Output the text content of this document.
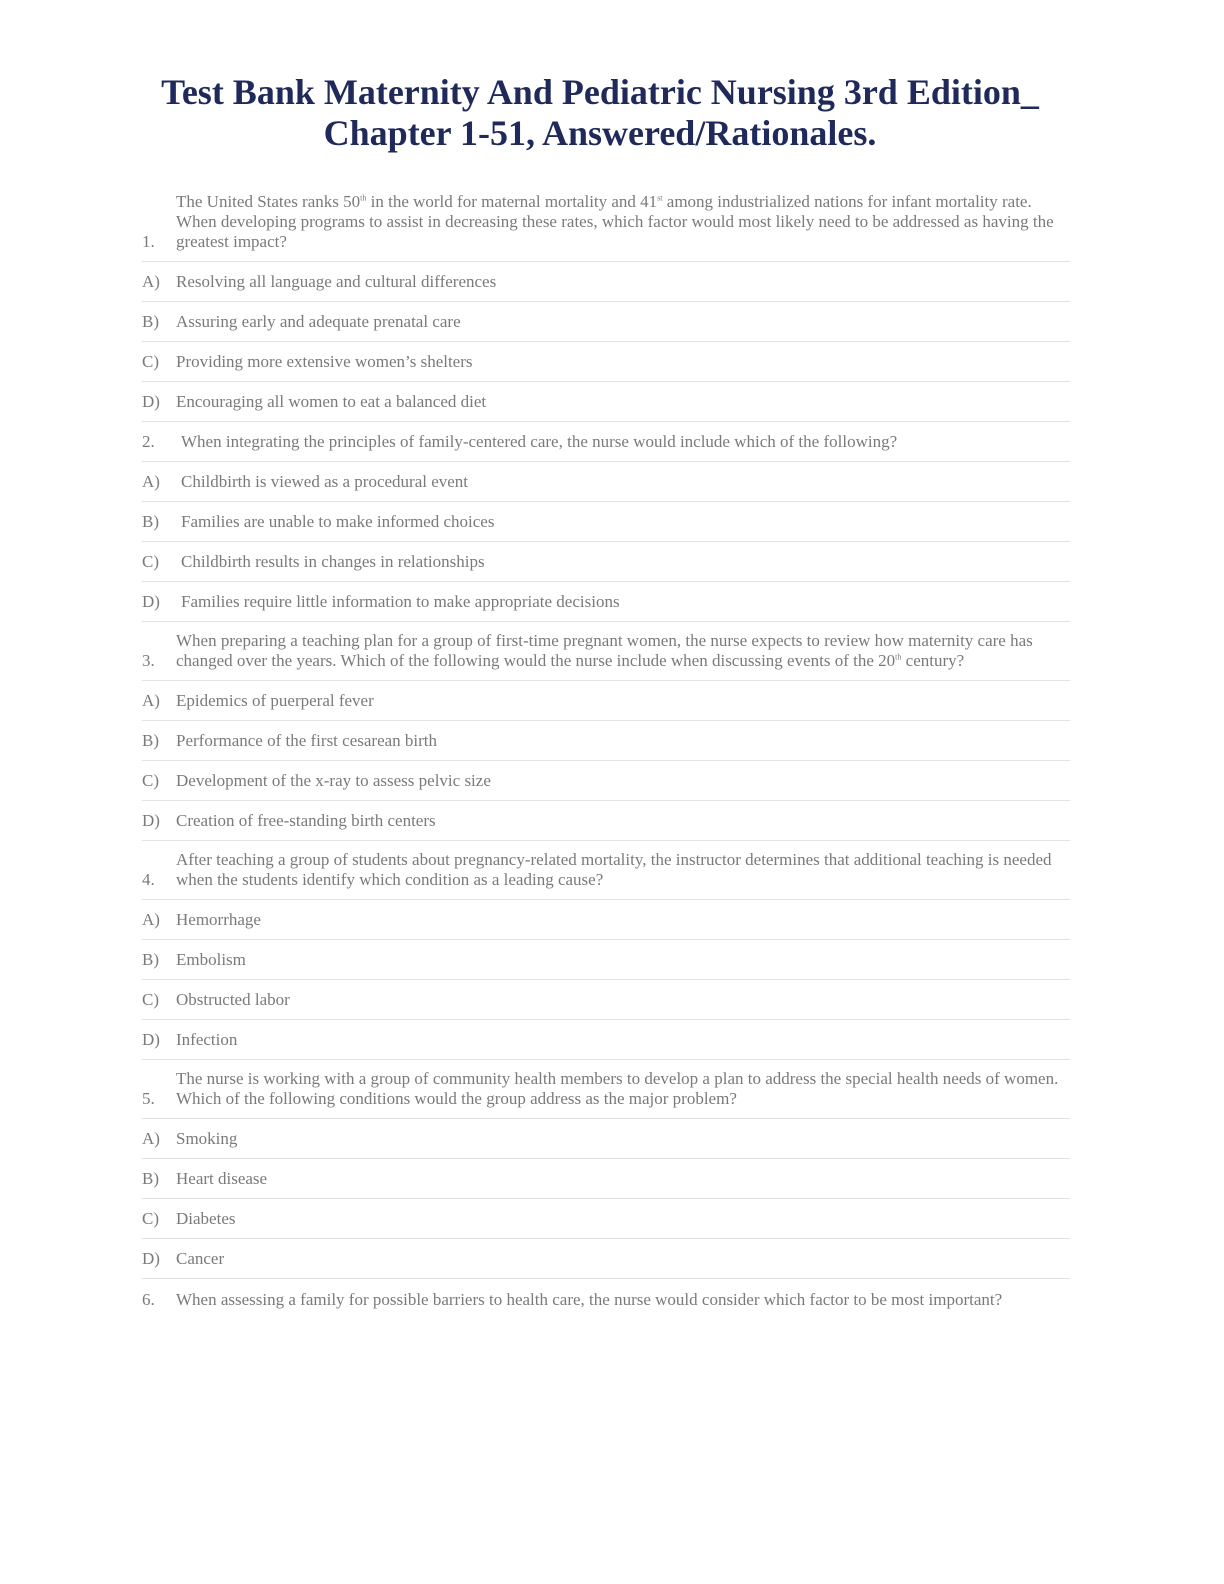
Test Bank Maternity And Pediatric Nursing 3rd Edition_
Chapter 1-51, Answered/Rationales.
1.
The United States ranks 50th in the world for maternal mortality and 41st among industrialized nations for infant mortality rate. When developing programs to assist in decreasing these rates, which factor would most likely need to be addressed as having the greatest impact?
A) Resolving all language and cultural differences
B)	Assuring early and adequate prenatal care
C)	Providing more extensive women’s shelters
D) Encouraging all women to eat a balanced diet
2.	When integrating the principles of family-centered care, the nurse would include which of the following?
A)	Childbirth is viewed as a procedural event
B)	Families are unable to make informed choices
C)	Childbirth results in changes in relationships
D)	Families require little information to make appropriate decisions
3.
When preparing a teaching plan for a group of first-time pregnant women, the nurse expects to review how maternity care has changed over the years. Which of the following would the nurse include when discussing events of the 20th century?
A) Epidemics of puerperal fever
B)	Performance of the first cesarean birth
C)	Development of the x-ray to assess pelvic size
D) Creation of free-standing birth centers
4.
After teaching a group of students about pregnancy-related mortality, the instructor determines that additional teaching is needed when the students identify which condition as a leading cause?
A) Hemorrhage
B)	Embolism
C)	Obstructed labor
D) Infection
5.
The nurse is working with a group of community health members to develop a plan to address the special health needs of women. Which of the following conditions would the group address as the major problem?
A) Smoking
B)	Heart disease
C)	Diabetes
D) Cancer
6.	When assessing a family for possible barriers to health care, the nurse would consider which factor to be most important?
